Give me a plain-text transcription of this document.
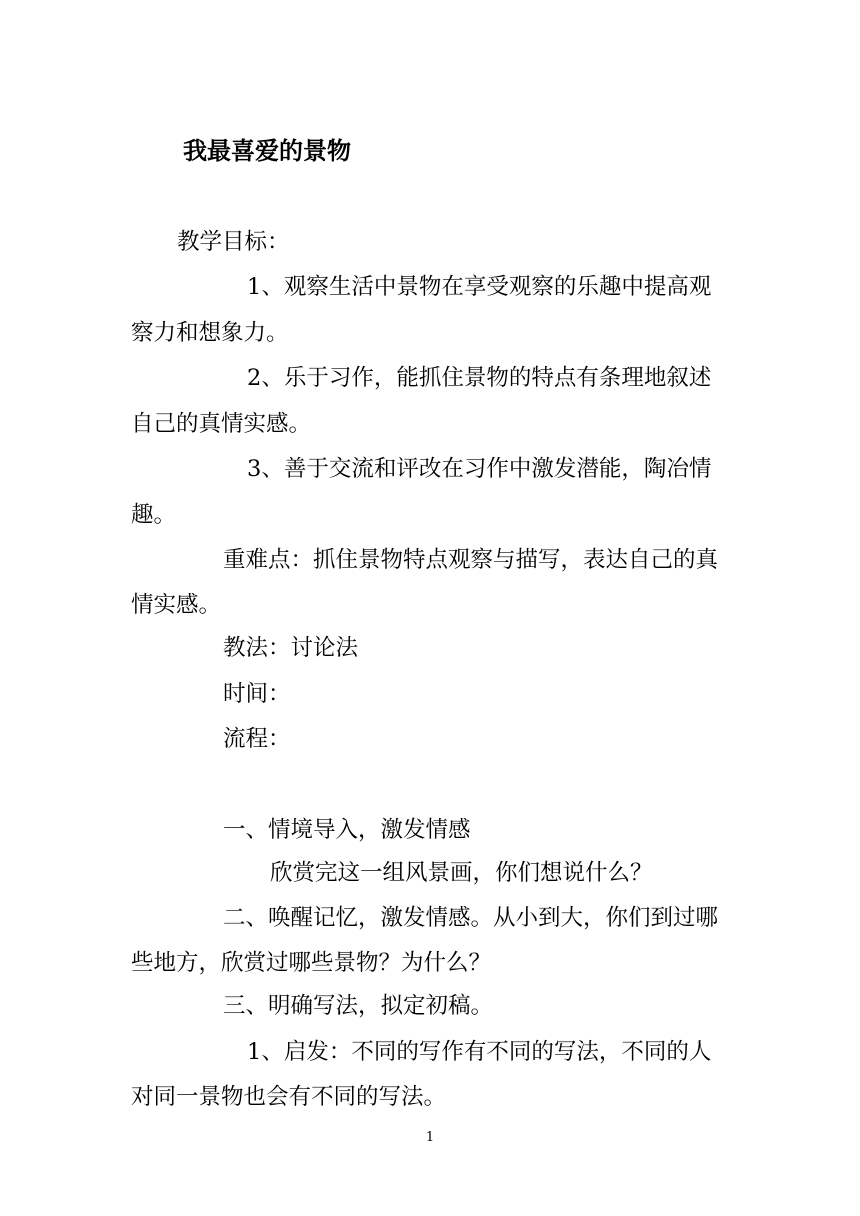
我最喜爱的景物

教学目标：

1、观察生活中景物在享受观察的乐趣中提高观

察力和想象力。

2、乐于习作，能抓住景物的特点有条理地叙述

自己的真情实感。

3、善于交流和评改在习作中激发潜能，陶冶情

趣。

重难点：抓住景物特点观察与描写，表达自己的真

情实感。

教法：讨论法

时间：

流程：

一、情境导入，激发情感

欣赏完这一组风景画，你们想说什么？

二、唤醒记忆，激发情感。从小到大，你们到过哪

些地方，欣赏过哪些景物？为什么？

三、明确写法，拟定初稿。

1、启发：不同的写作有不同的写法，不同的人

对同一景物也会有不同的写法。

1
